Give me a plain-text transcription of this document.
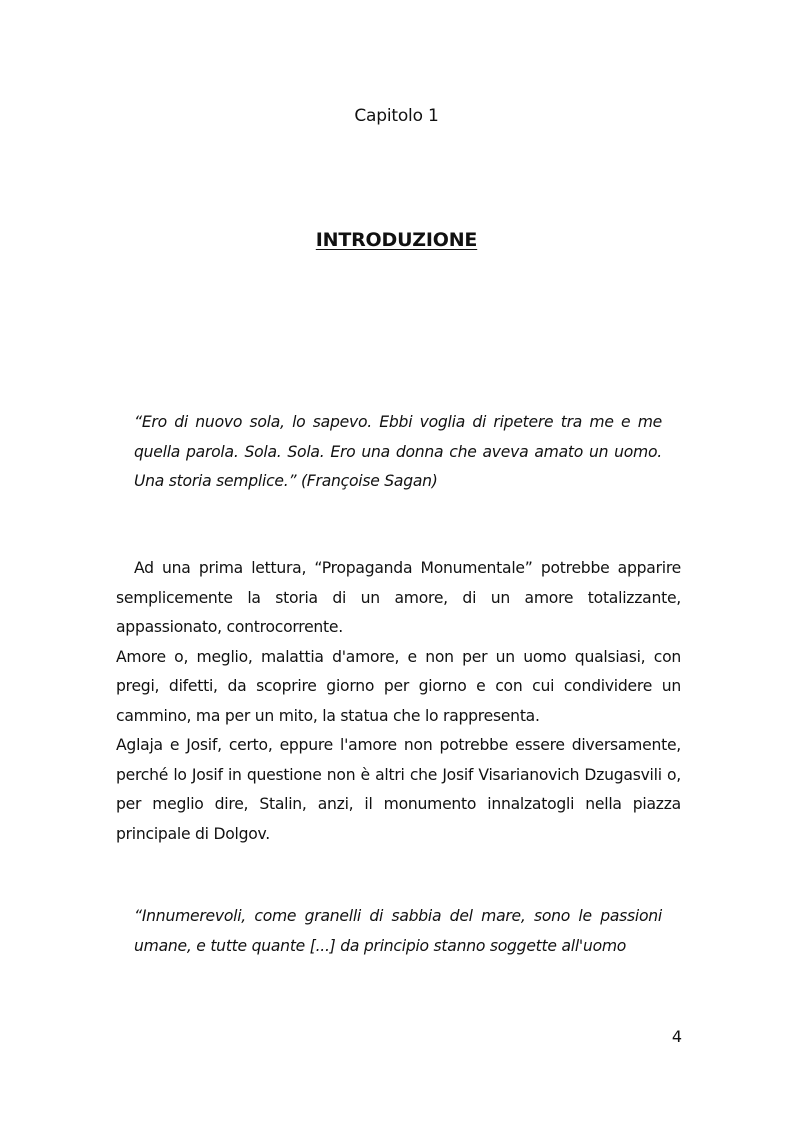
Capitolo 1
INTRODUZIONE
“Ero di nuovo sola, lo sapevo. Ebbi voglia di ripetere tra me e me quella parola. Sola. Sola. Ero una donna che aveva amato un uomo. Una storia semplice.” (Françoise Sagan)

Ad una prima lettura, “Propaganda Monumentale” potrebbe apparire semplicemente la storia di un amore, di un amore totalizzante, appassionato, controcorrente.

Amore o, meglio, malattia d'amore, e non per un uomo qualsiasi, con pregi, difetti, da scoprire giorno per giorno e con cui condividere un cammino, ma per un mito, la statua che lo rappresenta.

Aglaja e Josif, certo, eppure l'amore non potrebbe essere diversamente, perché lo Josif in questione non è altri che Josif Visarianovich Dzugasvili o, per meglio dire, Stalin, anzi, il monumento innalzatogli nella piazza principale di Dolgov.

“Innumerevoli, come granelli di sabbia del mare, sono le passioni umane, e tutte quante [...] da principio stanno soggette all'uomo
4
